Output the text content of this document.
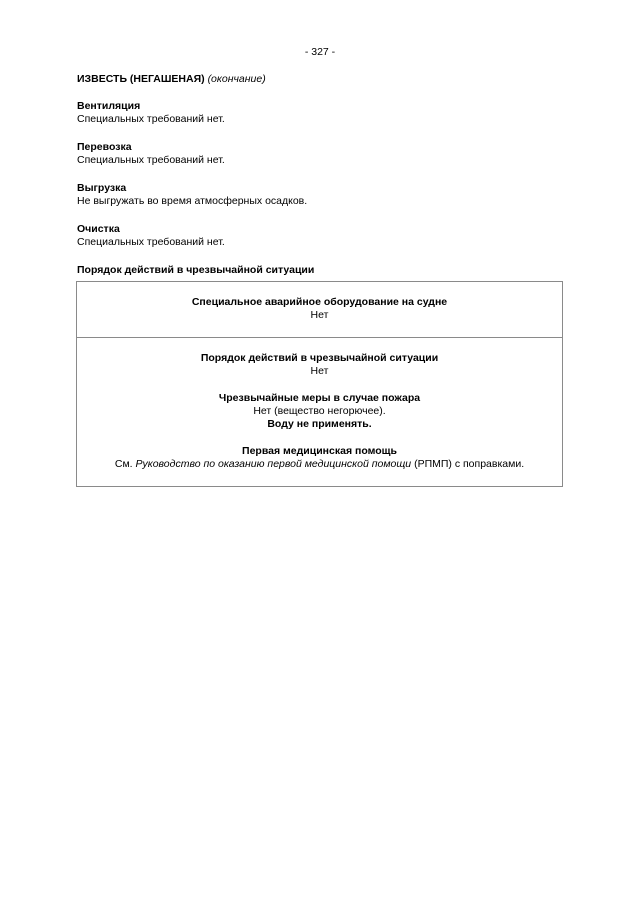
- 327 -
ИЗВЕСТЬ (НЕГАШЕНАЯ) (окончание)
Вентиляция
Специальных требований нет.
Перевозка
Специальных требований нет.
Выгрузка
Не выгружать во время атмосферных осадков.
Очистка
Специальных требований нет.
Порядок действий в чрезвычайной ситуации
Специальное аварийное оборудование на судне
Нет
Порядок действий в чрезвычайной ситуации
Нет
Чрезвычайные меры в случае пожара
Нет (вещество негорючее).
Воду не применять.
Первая медицинская помощь
См. Руководство по оказанию первой медицинской помощи (РПМП) с поправками.
